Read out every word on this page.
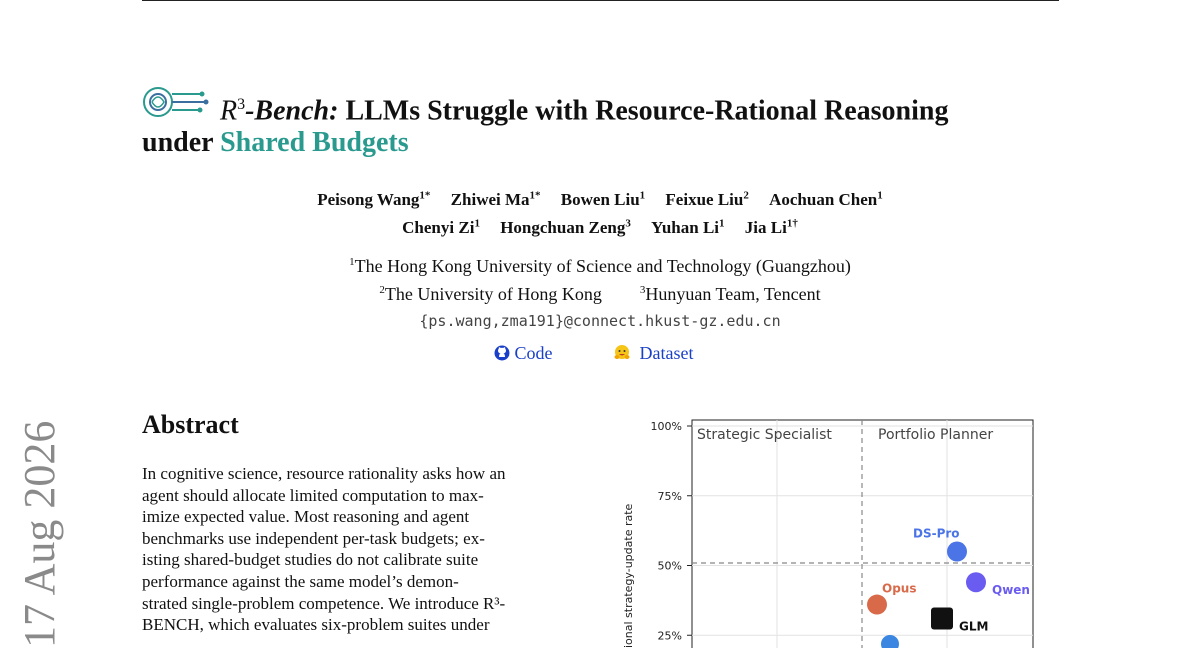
17 Aug 2026
$R^3$-Bench: LLMs Struggle with Resource-Rational Reasoning
under Shared Budgets
Peisong Wang$^{1*}$ Zhiwei $Ma^{1*}$ Bowen Liu$^1$ Feixue Liu$^2$ Aochuan Chen$^1$
Chenyi Zi$^1$ Hongchuan Zeng$^3$ Yuhan Li$^1$ Jia $Li^{1\dagger}$
$^1$The Hong Kong University of Science and Technology (Guangzhou)
$^2$The University of Hong Kong	$^3$Hunyuan Team, Tencent
{ps.wang,zma191}@connect.hkust-gz.edu.cn
Code	Dataset
Abstract
In cognitive science, resource rationality asks how an
agent should allocate limited computation to max-
imize expected value. Most reasoning and agent
benchmarks use independent per-task budgets; ex-
isting shared-budget studies do not calibrate suite
performance against the same model’s demon-
strated single-problem competence. We introduce R³-
BENCH, which evaluates six-problem suites under	ional strategy-update rate
100%
75%
50%
25%
Strategic Specialist	Portfolio Planner
DS-Pro
Qwen
Opus
GLM
